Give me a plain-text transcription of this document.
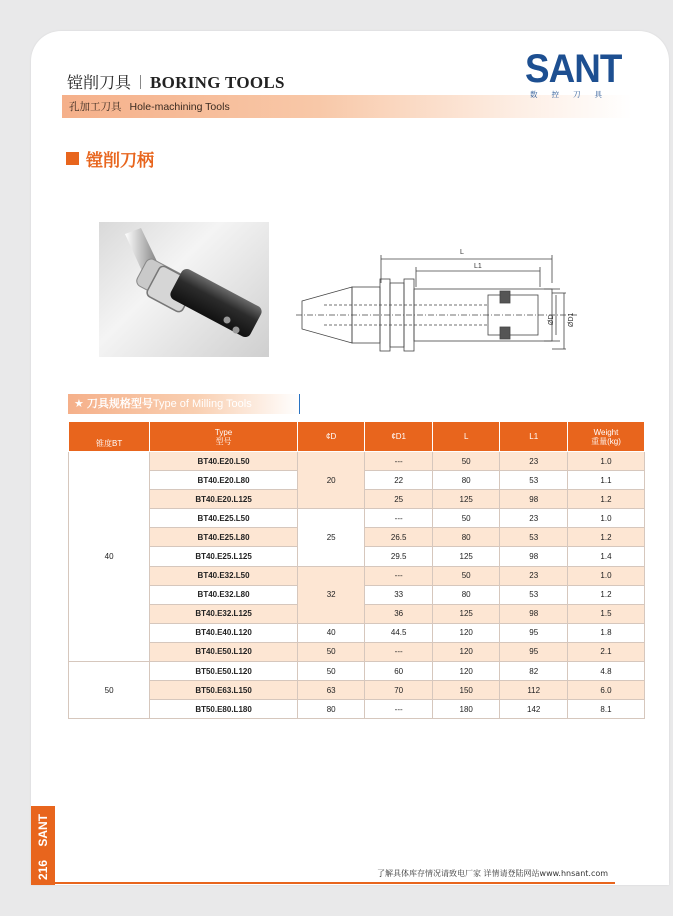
镗削刀具 BORING TOOLS
孔加工刀具 Hole-machining Tools
SANT
数 控 刀 具
镗削刀柄
L
L1
ØD ØD1
★ 刀具规格型号Type of Milling Tools
锥度BT	Type
型号	¢D	¢D1	L	L1	Weight
重量(kg)
40	BT40.E20.L50	20	---	50	23	1.0
	BT40.E20.L80		22	80	53	1.1
	BT40.E20.L125		25	125	98	1.2
	BT40.E25.L50	25	---	50	23	1.0
	BT40.E25.L80		26.5	80	53	1.2
	BT40.E25.L125		29.5	125	98	1.4
	BT40.E32.L50	32	---	50	23	1.0
	BT40.E32.L80		33	80	53	1.2
	BT40.E32.L125		36	125	98	1.5
	BT40.E40.L120	40	44.5	120	95	1.8
	BT40.E50.L120	50	---	120	95	2.1
50	BT50.E50.L120	50	60	120	82	4.8
	BT50.E63.L150	63	70	150	112	6.0
	BT50.E80.L180	80	---	180	142	8.1
了解具体库存情况请致电厂家 详情请登陆网站www.hnsant.com
SANT
216
